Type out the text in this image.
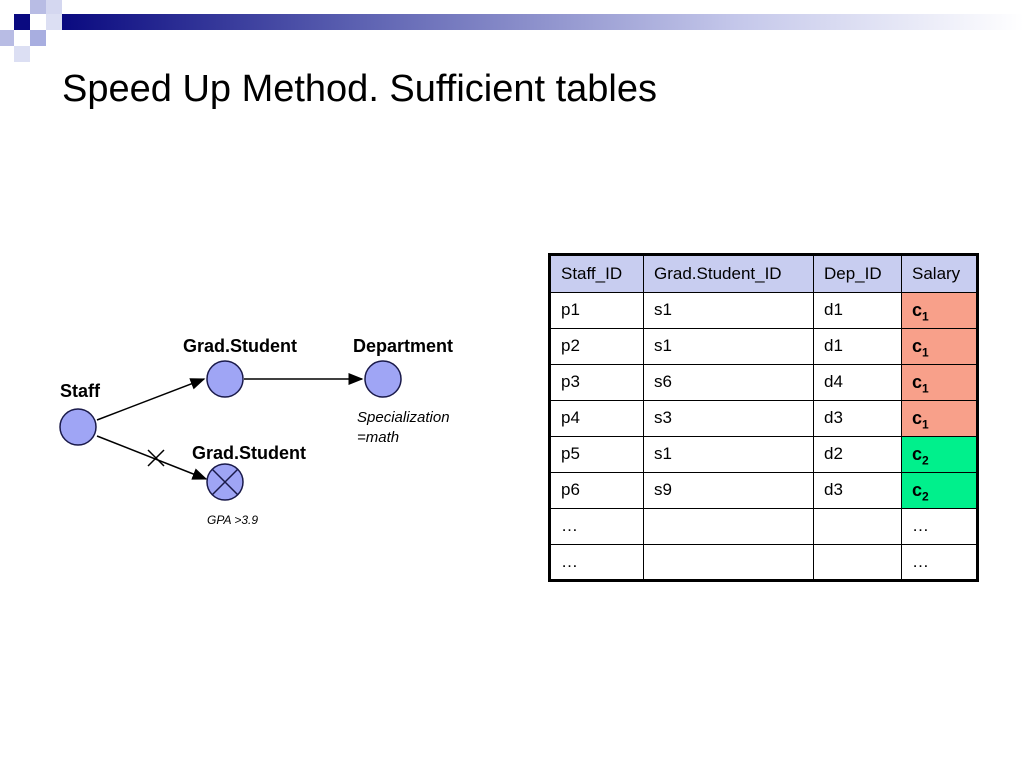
Speed Up Method. Sufficient tables
Staff
Grad.Student	Department
Grad.Student
Specialization
=math
GPA >3.9
Staff_ID	Grad.Student_ID	Dep_ID	Salary
p1	s1	d1	$c_1$
p2	s1	d1	$c_1$
p3	s6	d4	$c_1$
p4	s3	d3	$c_1$
p5	s1	d2	$c_2$
p6	s9	d3	$c_2$
…			…
…			…
